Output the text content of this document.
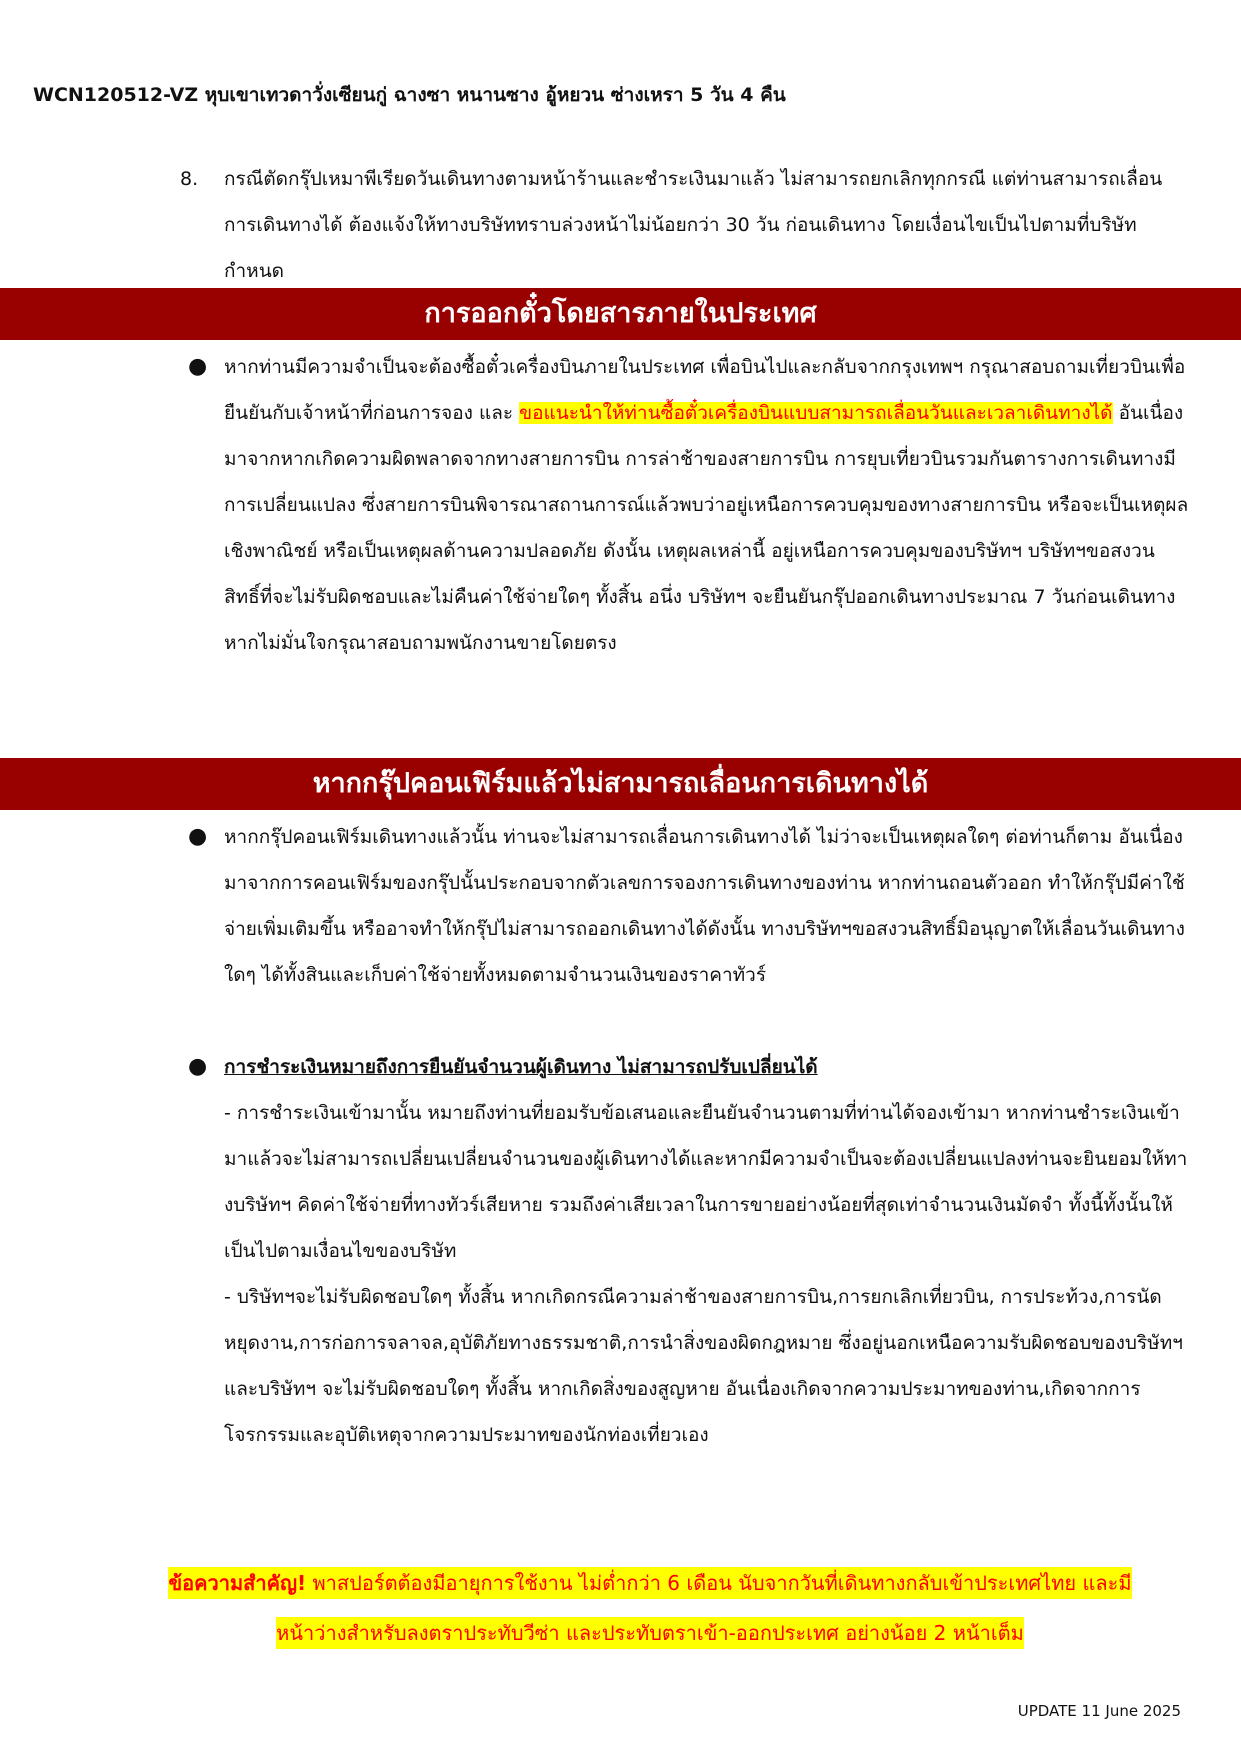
WCN120512-VZ หุบเขาเทวดาวั่งเซียนกู่ ฉางซา หนานซาง อู้หยวน ซ่างเหรา 5 วัน 4 คืน
8. กรณีตัดกรุ๊ปเหมาพีเรียดวันเดินทางตามหน้าร้านและชำระเงินมาแล้ว ไม่สามารถยกเลิกทุกกรณี แต่ท่านสามารถเลื่อนการเดินทางได้ ต้องแจ้งให้ทางบริษัททราบล่วงหน้าไม่น้อยกว่า 30 วัน ก่อนเดินทาง โดยเงื่อนไขเป็นไปตามที่บริษัทกำหนด
การออกตั๋วโดยสารภายในประเทศ
● หากท่านมีความจำเป็นจะต้องซื้อตั๋วเครื่องบินภายในประเทศ เพื่อบินไปและกลับจากกรุงเทพฯ กรุณาสอบถามเที่ยวบินเพื่อยืนยันกับเจ้าหน้าที่ก่อนการจอง และ ขอแนะนำให้ท่านซื้อตั๋วเครื่องบินแบบสามารถเลื่อนวันและเวลาเดินทางได้ อันเนื่องมาจากหากเกิดความผิดพลาดจากทางสายการบิน การล่าช้าของสายการบิน การยุบเที่ยวบินรวมกันตารางการเดินทางมีการเปลี่ยนแปลง ซึ่งสายการบินพิจารณาสถานการณ์แล้วพบว่าอยู่เหนือการควบคุมของทางสายการบิน หรือจะเป็นเหตุผลเชิงพาณิชย์ หรือเป็นเหตุผลด้านความปลอดภัย ดังนั้น เหตุผลเหล่านี้ อยู่เหนือการควบคุมของบริษัทฯ บริษัทฯขอสงวนสิทธิ์ที่จะไม่รับผิดชอบและไม่คืนค่าใช้จ่ายใดๆ ทั้งสิ้น อนึ่ง บริษัทฯ จะยืนยันกรุ๊ปออกเดินทางประมาณ 7 วันก่อนเดินทาง หากไม่มั่นใจกรุณาสอบถามพนักงานขายโดยตรง
หากกรุ๊ปคอนเฟิร์มแล้วไม่สามารถเลื่อนการเดินทางได้
● หากกรุ๊ปคอนเฟิร์มเดินทางแล้วนั้น ท่านจะไม่สามารถเลื่อนการเดินทางได้ ไม่ว่าจะเป็นเหตุผลใดๆ ต่อท่านก็ตาม อันเนื่องมาจากการคอนเฟิร์มของกรุ๊ปนั้นประกอบจากตัวเลขการจองการเดินทางของท่าน หากท่านถอนตัวออก ทำให้กรุ๊ปมีค่าใช้จ่ายเพิ่มเติมขึ้น หรืออาจทำให้กรุ๊ปไม่สามารถออกเดินทางได้ดังนั้น ทางบริษัทฯขอสงวนสิทธิ์มิอนุญาตให้เลื่อนวันเดินทางใดๆ ได้ทั้งสินและเก็บค่าใช้จ่ายทั้งหมดตามจำนวนเงินของราคาทัวร์
● การชำระเงินหมายถึงการยืนยันจำนวนผู้เดินทาง ไม่สามารถปรับเปลี่ยนได้
- การชำระเงินเข้ามานั้น หมายถึงท่านที่ยอมรับข้อเสนอและยืนยันจำนวนตามที่ท่านได้จองเข้ามา หากท่านชำระเงินเข้ามาแล้วจะไม่สามารถเปลี่ยนเปลี่ยนจำนวนของผู้เดินทางได้และหากมีความจำเป็นจะต้องเปลี่ยนแปลงท่านจะยินยอมให้ทางบริษัทฯ คิดค่าใช้จ่ายที่ทางทัวร์เสียหาย รวมถึงค่าเสียเวลาในการขายอย่างน้อยที่สุดเท่าจำนวนเงินมัดจำ ทั้งนี้ทั้งนั้นให้เป็นไปตามเงื่อนไขของบริษัท
- บริษัทฯจะไม่รับผิดชอบใดๆ ทั้งสิ้น หากเกิดกรณีความล่าช้าของสายการบิน,การยกเลิกเที่ยวบิน, การประท้วง,การนัดหยุดงาน,การก่อการจลาจล,อุบัติภัยทางธรรมชาติ,การนำสิ่งของผิดกฎหมาย ซึ่งอยู่นอกเหนือความรับผิดชอบของบริษัทฯ และบริษัทฯ จะไม่รับผิดชอบใดๆ ทั้งสิ้น หากเกิดสิ่งของสูญหาย อันเนื่องเกิดจากความประมาทของท่าน,เกิดจากการโจรกรรมและอุบัติเหตุจากความประมาทของนักท่องเที่ยวเอง
ข้อความสำคัญ! พาสปอร์ตต้องมีอายุการใช้งาน ไม่ต่ำกว่า 6 เดือน นับจากวันที่เดินทางกลับเข้าประเทศไทย และมี
หน้าว่างสำหรับลงตราประทับวีซ่า และประทับตราเข้า-ออกประเทศ อย่างน้อย 2 หน้าเต็ม
UPDATE 11 June 2025
